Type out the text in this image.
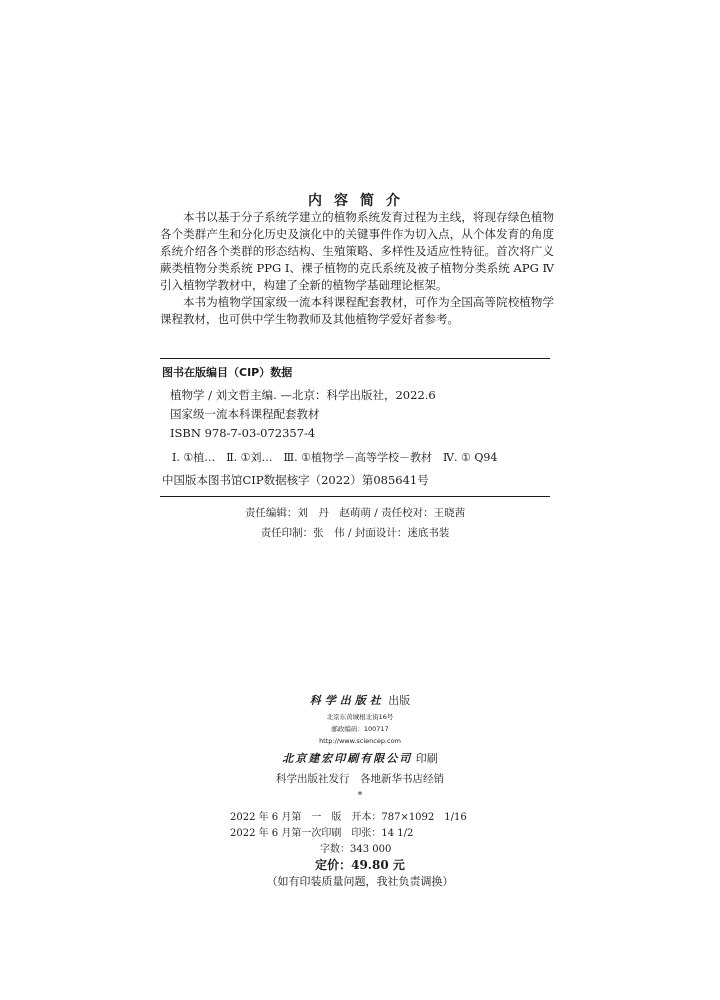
内容简介

本书以基于分子系统学建立的植物系统发育过程为主线，将现存绿色植物各个类群产生和分化历史及演化中的关键事件作为切入点，从个体发育的角度系统介绍各个类群的形态结构、生殖策略、多样性及适应性特征。首次将广义蕨类植物分类系统 PPG Ⅰ、裸子植物的克氏系统及被子植物分类系统 APG Ⅳ引入植物学教材中，构建了全新的植物学基础理论框架。

本书为植物学国家级一流本科课程配套教材，可作为全国高等院校植物学课程教材，也可供中学生物教师及其他植物学爱好者参考。

图书在版编目（CIP）数据
植物学 / 刘文哲主编. —北京：科学出版社，2022.6
国家级一流本科课程配套教材
ISBN 978-7-03-072357-4
Ⅰ. ①植…　Ⅱ. ①刘…　Ⅲ. ①植物学－高等学校－教材　Ⅳ. ① Q94
中国版本图书馆CIP数据核字（2022）第085641号
责任编辑：刘　丹　赵萌萌 / 责任校对：王晓茜
责任印制：张　伟 / 封面设计：迷底书装
科学出版社 出版
北京东黄城根北街16号
邮政编码：100717
http://www.sciencep.com
北京建宏印刷有限公司 印刷
科学出版社发行　各地新华书店经销
*
2022 年 6 月第　一　版　开本：787×1092　1/16
2022 年 6 月第一次印刷　印张：14 1/2
字数：343 000
定价：49.80 元
（如有印装质量问题，我社负责调换）
